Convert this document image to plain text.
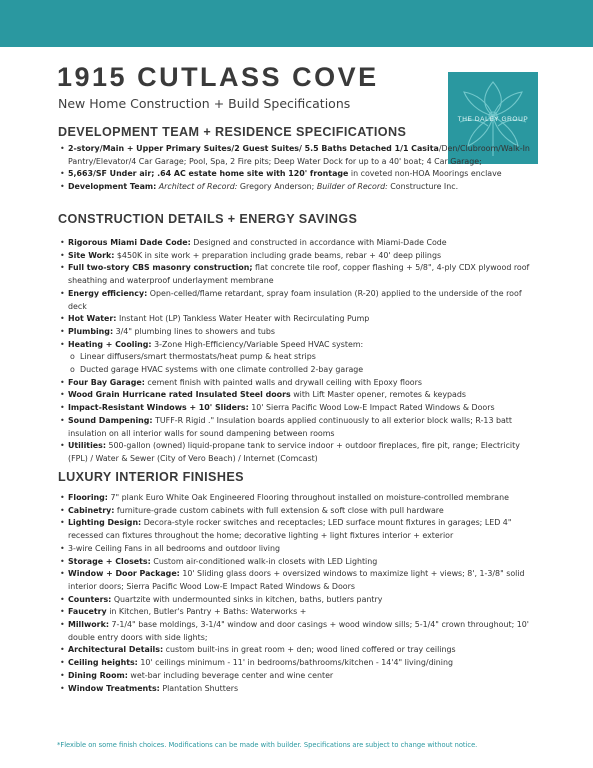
1915 CUTLASS COVE
New Home Construction + Build Specifications
THE DALEY GROUP
DEVELOPMENT TEAM + RESIDENCE SPECIFICATIONS
• 2-story/Main + Upper Primary Suites/2 Guest Suites/ 5.5 Baths Detached 1/1 Casita/Den/Clubroom/Walk-In Pantry/Elevator/4 Car Garage; Pool, Spa, 2 Fire pits; Deep Water Dock for up to a 40' boat; 4 Car Garage;
• 5,663/SF Under air; .64 AC estate home site with 120' frontage in coveted non-HOA Moorings enclave
• Development Team: Architect of Record: Gregory Anderson; Builder of Record: Constructure Inc.
CONSTRUCTION DETAILS + ENERGY SAVINGS
• Rigorous Miami Dade Code: Designed and constructed in accordance with Miami-Dade Code
• Site Work: $450K in site work + preparation including grade beams, rebar + 40' deep pilings
• Full two-story CBS masonry construction; flat concrete tile roof, copper flashing + 5/8", 4-ply CDX plywood roof sheathing and waterproof underlayment membrane
• Energy efficiency: Open-celled/flame retardant, spray foam insulation (R-20) applied to the underside of the roof deck
• Hot Water: Instant Hot (LP) Tankless Water Heater with Recirculating Pump
• Plumbing: 3/4" plumbing lines to showers and tubs
• Heating + Cooling: 3-Zone High-Efficiency/Variable Speed HVAC system:
o Linear diffusers/smart thermostats/heat pump & heat strips
o Ducted garage HVAC systems with one climate controlled 2-bay garage
• Four Bay Garage: cement finish with painted walls and drywall ceiling with Epoxy floors
• Wood Grain Hurricane rated Insulated Steel doors with Lift Master opener, remotes & keypads
• Impact-Resistant Windows + 10' Sliders: 10' Sierra Pacific Wood Low-E Impact Rated Windows & Doors
• Sound Dampening: TUFF-R Rigid ." Insulation boards applied continuously to all exterior block walls; R-13 batt insulation on all interior walls for sound dampening between rooms
• Utilities: 500-gallon (owned) liquid-propane tank to service indoor + outdoor fireplaces, fire pit, range; Electricity (FPL) / Water & Sewer (City of Vero Beach) / Internet (Comcast)
LUXURY INTERIOR FINISHES
• Flooring: 7" plank Euro White Oak Engineered Flooring throughout installed on moisture-controlled membrane
• Cabinetry: furniture-grade custom cabinets with full extension & soft close with pull hardware
• Lighting Design: Decora-style rocker switches and receptacles; LED surface mount fixtures in garages; LED 4" recessed can fixtures throughout the home; decorative lighting + light fixtures interior + exterior
• 3-wire Ceiling Fans in all bedrooms and outdoor living
• Storage + Closets: Custom air-conditioned walk-in closets with LED Lighting
• Window + Door Package: 10' Sliding glass doors + oversized windows to maximize light + views; 8', 1-3/8" solid interior doors; Sierra Pacific Wood Low-E Impact Rated Windows & Doors
• Counters: Quartzite with undermounted sinks in kitchen, baths, butlers pantry
• Faucetry in Kitchen, Butler's Pantry + Baths: Waterworks +
• Millwork: 7-1/4" base moldings, 3-1/4" window and door casings + wood window sills; 5-1/4" crown throughout; 10' double entry doors with side lights;
• Architectural Details: custom built-ins in great room + den; wood lined coffered or tray ceilings
• Ceiling heights: 10' ceilings minimum - 11' in bedrooms/bathrooms/kitchen - 14'4" living/dining
• Dining Room: wet-bar including beverage center and wine center
• Window Treatments: Plantation Shutters
*Flexible on some finish choices. Modifications can be made with builder. Specifications are subject to change without notice.
